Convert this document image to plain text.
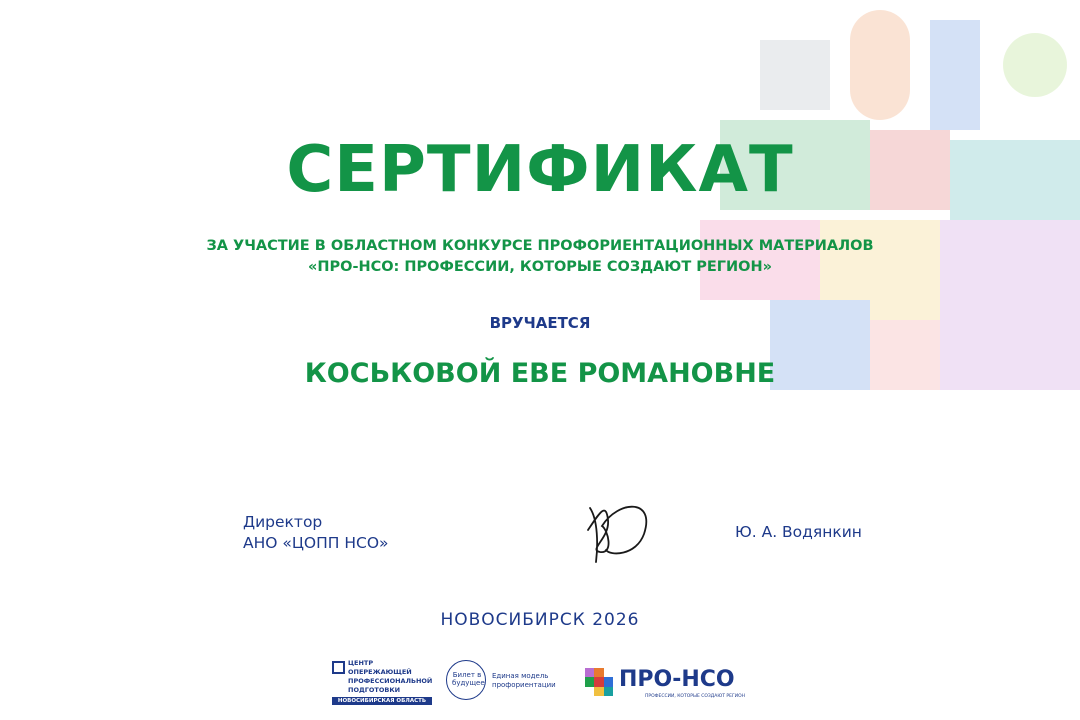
СЕРТИФИКАТ
ЗА УЧАСТИЕ В ОБЛАСТНОМ КОНКУРСЕ ПРОФОРИЕНТАЦИОННЫХ МАТЕРИАЛОВ
«ПРО-НСО: ПРОФЕССИИ, КОТОРЫЕ СОЗДАЮТ РЕГИОН»
ВРУЧАЕТСЯ
КОСЬКОВОЙ ЕВЕ РОМАНОВНЕ
Директор
АНО «ЦОПП НСО»
Ю. А. Водянкин
НОВОСИБИРСК 2026
ЦЕНТР
ОПЕРЕЖАЮЩЕЙ
ПРОФЕССИОНАЛЬНОЙ
ПОДГОТОВКИ
НОВОСИБИРСКАЯ ОБЛАСТЬ
Билет в будущее
Единая модель профориентации	ПРО-НСО
ПРОФЕССИИ, КОТОРЫЕ СОЗДАЮТ РЕГИОН
